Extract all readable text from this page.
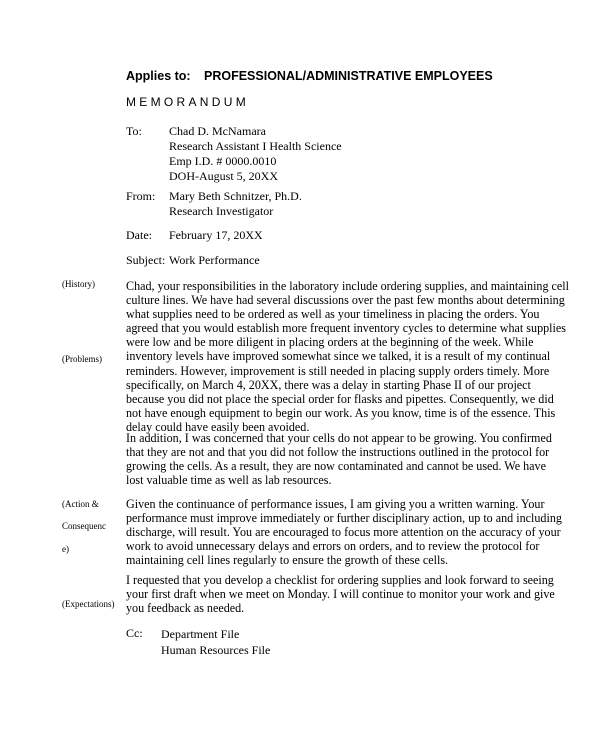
Applies to: PROFESSIONAL/ADMINISTRATIVE EMPLOYEES
MEMORANDUM
To: Chad D. McNamara
Research Assistant I Health Science
Emp I.D. # 0000.0010
DOH-August 5, 20XX
From: Mary Beth Schnitzer, Ph.D.
Research Investigator
Date: February 17, 20XX
Subject: Work Performance
(History)
(Problems)
(Action &
Consequenc
e)
(Expectations)
Chad, your responsibilities in the laboratory include ordering supplies, and maintaining cell
culture lines. We have had several discussions over the past few months about determining
what supplies need to be ordered as well as your timeliness in placing the orders. You
agreed that you would establish more frequent inventory cycles to determine what supplies
were low and be more diligent in placing orders at the beginning of the week. While
inventory levels have improved somewhat since we talked, it is a result of my continual
reminders. However, improvement is still needed in placing supply orders timely. More
specifically, on March 4, 20XX, there was a delay in starting Phase II of our project
because you did not place the special order for flasks and pipettes. Consequently, we did
not have enough equipment to begin our work. As you know, time is of the essence. This
delay could have easily been avoided.
In addition, I was concerned that your cells do not appear to be growing. You confirmed
that they are not and that you did not follow the instructions outlined in the protocol for
growing the cells. As a result, they are now contaminated and cannot be used. We have
lost valuable time as well as lab resources.
Given the continuance of performance issues, I am giving you a written warning. Your
performance must improve immediately or further disciplinary action, up to and including
discharge, will result. You are encouraged to focus more attention on the accuracy of your
work to avoid unnecessary delays and errors on orders, and to review the protocol for
maintaining cell lines regularly to ensure the growth of these cells.
I requested that you develop a checklist for ordering supplies and look forward to seeing
your first draft when we meet on Monday. I will continue to monitor your work and give
you feedback as needed.
Cc: Department File
Human Resources File
